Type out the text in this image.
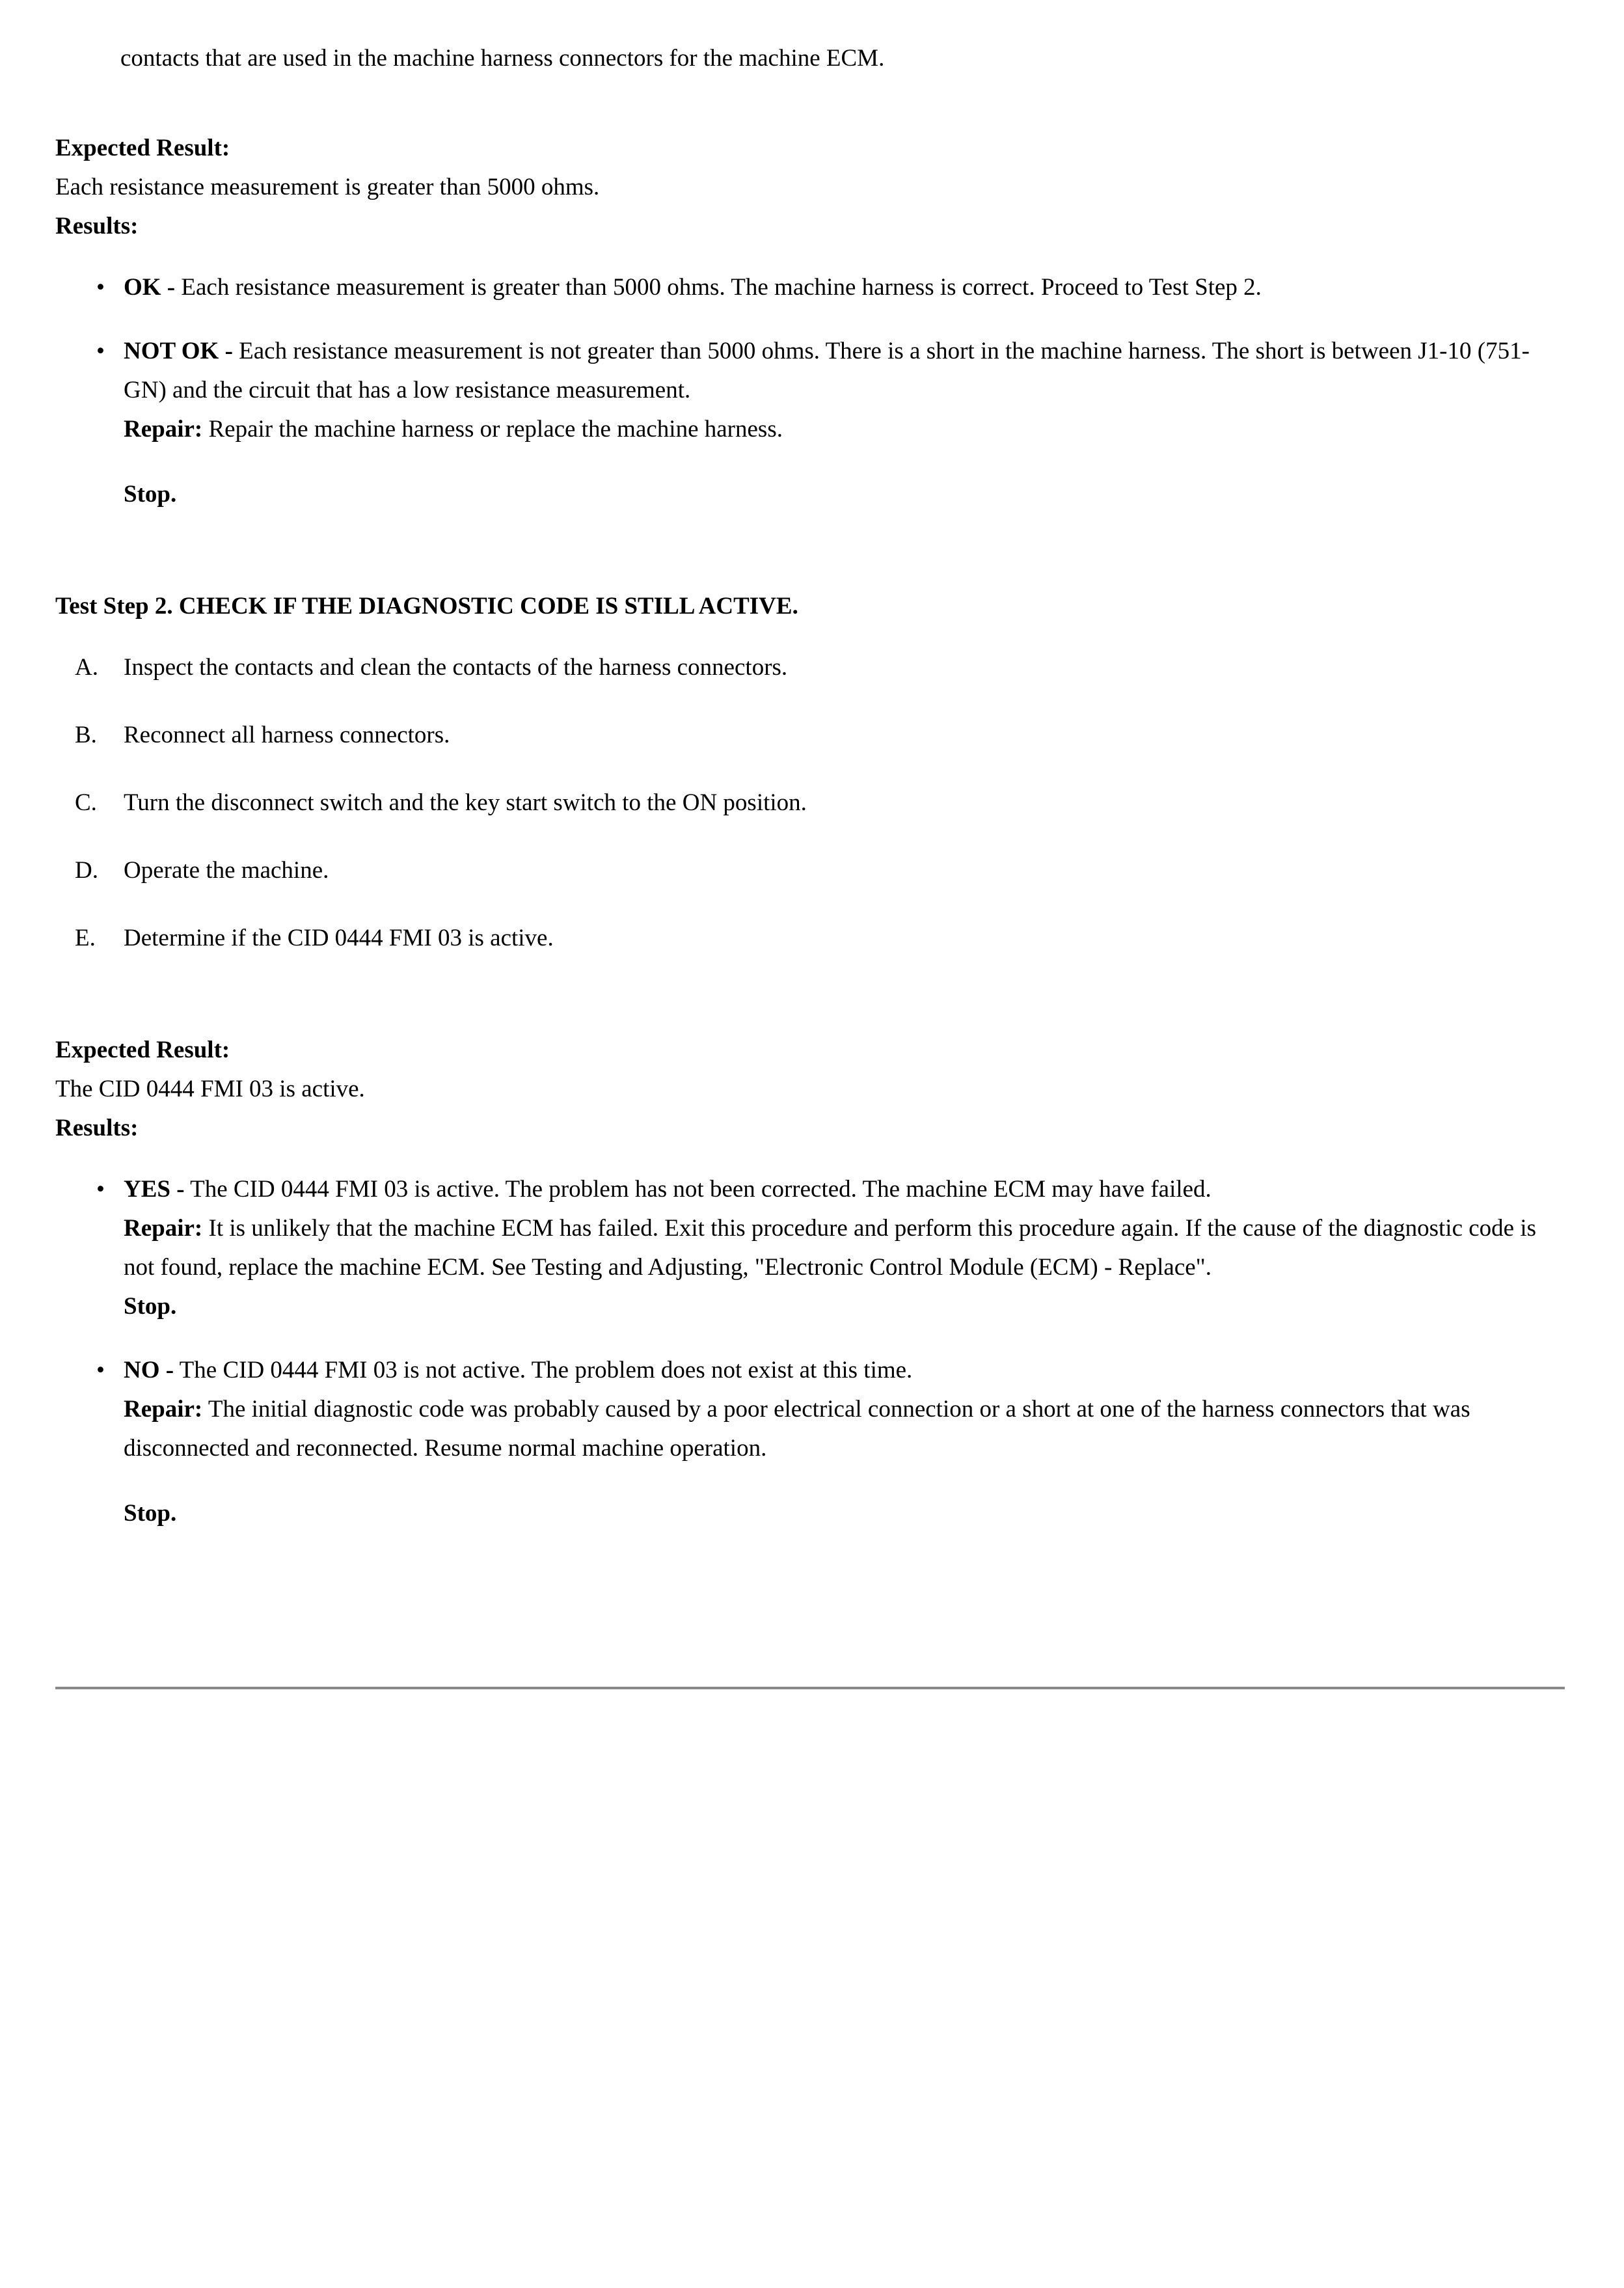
contacts that are used in the machine harness connectors for the machine ECM.
Expected Result:
Each resistance measurement is greater than 5000 ohms.
Results:
• OK - Each resistance measurement is greater than 5000 ohms. The machine harness is correct. Proceed to Test Step 2.
• NOT OK - Each resistance measurement is not greater than 5000 ohms. There is a short in the machine harness. The short is between J1-10 (751-GN) and the circuit that has a low resistance measurement.
Repair: Repair the machine harness or replace the machine harness.
Stop.
Test Step 2. CHECK IF THE DIAGNOSTIC CODE IS STILL ACTIVE.
A.	Inspect the contacts and clean the contacts of the harness connectors.
B.	Reconnect all harness connectors.
C.	Turn the disconnect switch and the key start switch to the ON position.
D.	Operate the machine.
E.	Determine if the CID 0444 FMI 03 is active.
Expected Result:
The CID 0444 FMI 03 is active.
Results:
• YES - The CID 0444 FMI 03 is active. The problem has not been corrected. The machine ECM may have failed.
Repair: It is unlikely that the machine ECM has failed. Exit this procedure and perform this procedure again. If the cause of the diagnostic code is not found, replace the machine ECM. See Testing and Adjusting, "Electronic Control Module (ECM) - Replace".
Stop.
• NO - The CID 0444 FMI 03 is not active. The problem does not exist at this time.
Repair: The initial diagnostic code was probably caused by a poor electrical connection or a short at one of the harness connectors that was disconnected and reconnected. Resume normal machine operation.
Stop.
